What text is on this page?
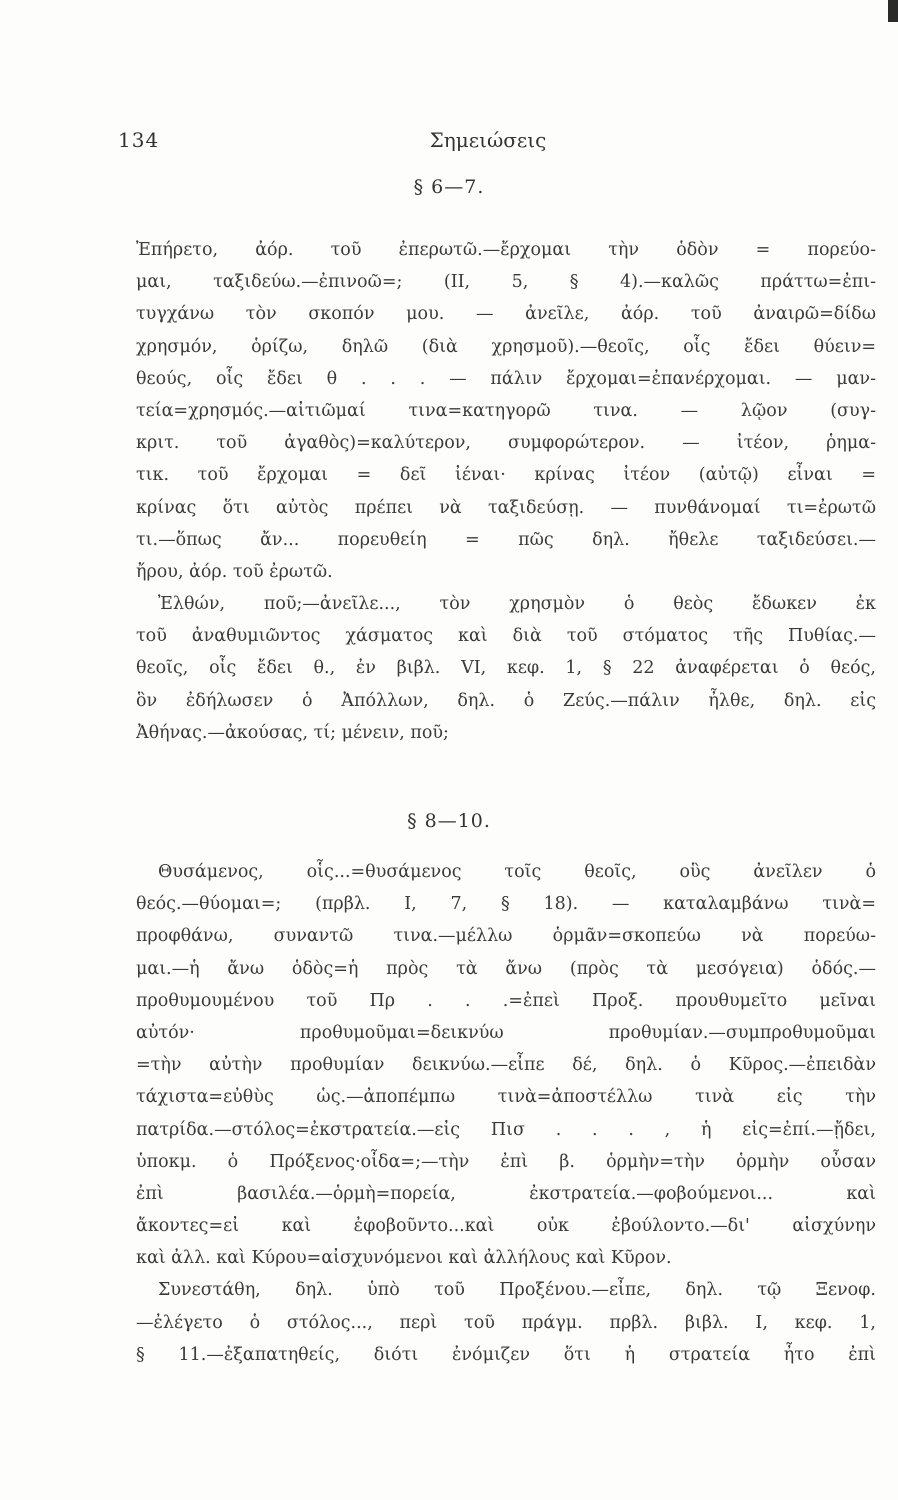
134	Σημειώσεις
§ 6—7.
Ἐπήρετο, ἀόρ. τοῦ ἐπερωτῶ.—ἔρχομαι τὴν ὁδὸν = πορεύο-
μαι, ταξιδεύω.—ἐπινοῶ=; (ΙΙ, 5, § 4).—καλῶς πράττω=ἐπι-
τυγχάνω τὸν σκοπόν μου. — ἀνεῖλε, ἀόρ. τοῦ ἀναιρῶ=δίδω
χρησμόν, ὁρίζω, δηλῶ (διὰ χρησμοῦ).—θεοῖς, οἷς ἔδει θύειν=
θεούς, οἷς ἔδει θ . . . — πάλιν ἔρχομαι=ἐπανέρχομαι. — μαν-
τεία=χρησμός.—αἰτιῶμαί τινα=κατηγορῶ τινα. — λῷον (συγ-
κριτ. τοῦ ἀγαθὸς)=καλύτερον, συμφορώτερον. — ἰτέον, ῥημα-
τικ. τοῦ ἔρχομαι = δεῖ ἰέναι· κρίνας ἰτέον (αὐτῷ) εἶναι =
κρίνας ὅτι αὐτὸς πρέπει νὰ ταξιδεύσῃ. — πυνθάνομαί τι=ἐρωτῶ
τι.—ὅπως ἄν... πορευθείη = πῶς δηλ. ἤθελε ταξιδεύσει.—
ἤρου, ἀόρ. τοῦ ἐρωτῶ.
Ἐλθών, ποῦ;—ἀνεῖλε..., τὸν χρησμὸν ὁ θεὸς ἔδωκεν ἐκ
τοῦ ἀναθυμιῶντος χάσματος καὶ διὰ τοῦ στόματος τῆς Πυθίας.—
θεοῖς, οἷς ἔδει θ., ἐν βιβλ. VI, κεφ. 1, § 22 ἀναφέρεται ὁ θεός,
ὃν ἐδήλωσεν ὁ Ἀπόλλων, δηλ. ὁ Ζεύς.—πάλιν ἦλθε, δηλ. εἰς
Ἀθήνας.—ἀκούσας, τί; μένειν, ποῦ;
§ 8—10.
Θυσάμενος, οἷς...=θυσάμενος τοῖς θεοῖς, οὓς ἀνεῖλεν ὁ
θεός.—θύομαι=; (πρβλ. Ι, 7, § 18). — καταλαμβάνω τινὰ=
προφθάνω, συναντῶ τινα.—μέλλω ὁρμᾶν=σκοπεύω νὰ πορεύω-
μαι.—ἡ ἄνω ὁδὸς=ἡ πρὸς τὰ ἄνω (πρὸς τὰ μεσόγεια) ὁδός.—
προθυμουμένου τοῦ Πρ . . .=ἐπεὶ Προξ. προυθυμεῖτο μεῖναι
αὐτόν· προθυμοῦμαι=δεικνύω προθυμίαν.—συμπροθυμοῦμαι
=τὴν αὐτὴν προθυμίαν δεικνύω.—εἶπε δέ, δηλ. ὁ Κῦρος.—ἐπειδὰν
τάχιστα=εὐθὺς ὡς.—ἀποπέμπω τινὰ=ἀποστέλλω τινὰ εἰς τὴν
πατρίδα.—στόλος=ἐκστρατεία.—εἰς Πισ . . . , ἡ εἰς=ἐπί.—ᾔδει,
ὑποκμ. ὁ Πρόξενος·οἶδα=;—τὴν ἐπὶ β. ὁρμὴν=τὴν ὁρμὴν οὖσαν
ἐπὶ βασιλέα.—ὁρμὴ=πορεία, ἐκστρατεία.—φοβούμενοι... καὶ
ἄκοντες=εἰ καὶ ἐφοβοῦντο...καὶ οὐκ ἐβούλοντο.—δι' αἰσχύνην
καὶ ἀλλ. καὶ Κύρου=αἰσχυνόμενοι καὶ ἀλλήλους καὶ Κῦρον.
Συνεστάθη, δηλ. ὑπὸ τοῦ Προξένου.—εἶπε, δηλ. τῷ Ξενοφ.
—ἐλέγετο ὁ στόλος..., περὶ τοῦ πράγμ. πρβλ. βιβλ. Ι, κεφ. 1,
§ 11.—ἐξαπατηθείς, διότι ἐνόμιζεν ὅτι ἡ στρατεία ἦτο ἐπὶ
